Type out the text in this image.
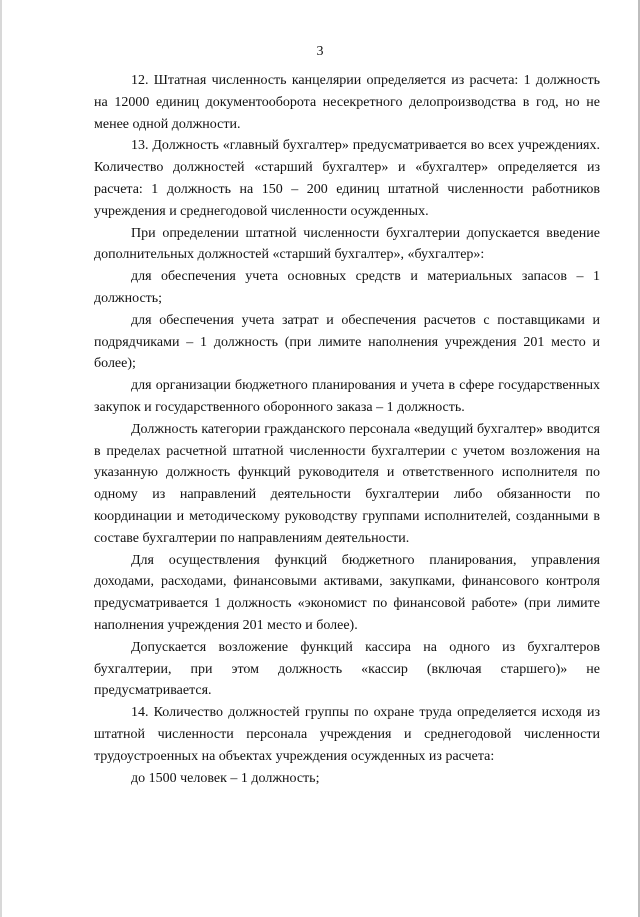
3

12. Штатная численность канцелярии определяется из расчета: 1 должность на 12000 единиц документооборота несекретного делопроизводства в год, но не менее одной должности.

13. Должность «главный бухгалтер» предусматривается во всех учреждениях. Количество должностей «старший бухгалтер» и «бухгалтер» определяется из расчета: 1 должность на 150 – 200 единиц штатной численности работников учреждения и среднегодовой численности осужденных.

При определении штатной численности бухгалтерии допускается введение дополнительных должностей «старший бухгалтер», «бухгалтер»:

для обеспечения учета основных средств и материальных запасов – 1 должность;

для обеспечения учета затрат и обеспечения расчетов с поставщиками и подрядчиками – 1 должность (при лимите наполнения учреждения 201 место и более);

для организации бюджетного планирования и учета в сфере государственных закупок и государственного оборонного заказа – 1 должность.

Должность категории гражданского персонала «ведущий бухгалтер» вводится в пределах расчетной штатной численности бухгалтерии с учетом возложения на указанную должность функций руководителя и ответственного исполнителя по одному из направлений деятельности бухгалтерии либо обязанности по координации и методическому руководству группами исполнителей, созданными в составе бухгалтерии по направлениям деятельности.

Для осуществления функций бюджетного планирования, управления доходами, расходами, финансовыми активами, закупками, финансового контроля предусматривается 1 должность «экономист по финансовой работе» (при лимите наполнения учреждения 201 место и более).

Допускается возложение функций кассира на одного из бухгалтеров бухгалтерии, при этом должность «кассир (включая старшего)» не предусматривается.

14. Количество должностей группы по охране труда определяется исходя из штатной численности персонала учреждения и среднегодовой численности трудоустроенных на объектах учреждения осужденных из расчета:

до 1500 человек – 1 должность;
